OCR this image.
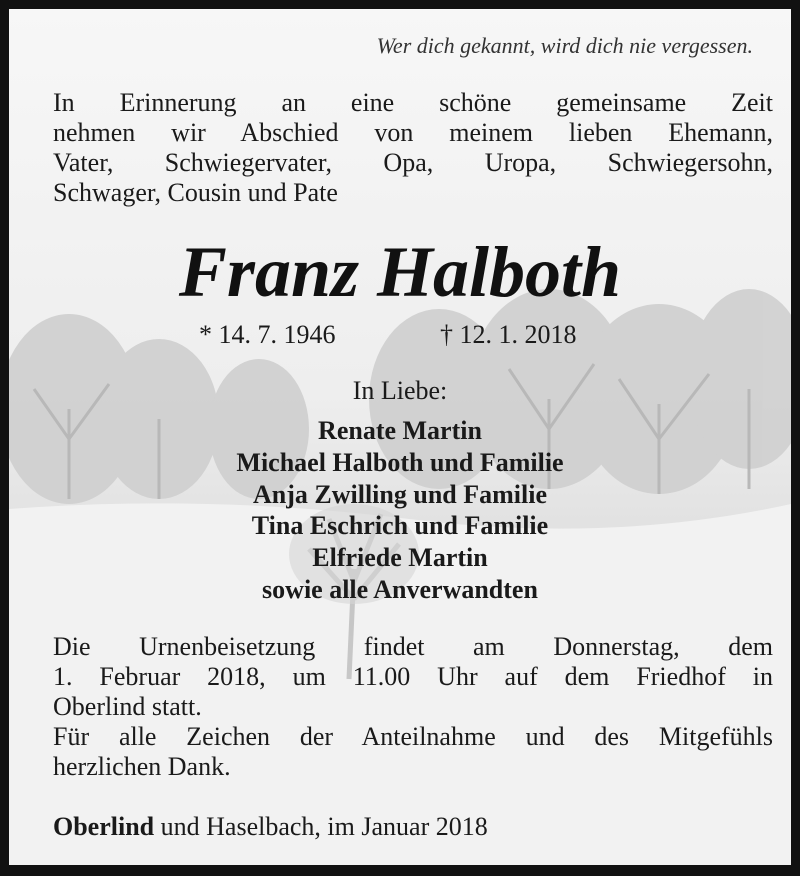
Wer dich gekannt, wird dich nie vergessen.

In Erinnerung an eine schöne gemeinsame Zeit
nehmen wir Abschied von meinem lieben Ehemann,
Vater, Schwiegervater, Opa, Uropa, Schwiegersohn,
Schwager, Cousin und Pate

Franz Halboth
* 14. 7. 1946	† 12. 1. 2018

In Liebe:

Renate Martin
Michael Halboth und Familie
Anja Zwilling und Familie
Tina Eschrich und Familie
Elfriede Martin
sowie alle Anverwandten

Die Urnenbeisetzung findet am Donnerstag, dem
1. Februar 2018, um 11.00 Uhr auf dem Friedhof in
Oberlind statt.

Für alle Zeichen der Anteilnahme und des Mitgefühls
herzlichen Dank.

Oberlind und Haselbach, im Januar 2018
